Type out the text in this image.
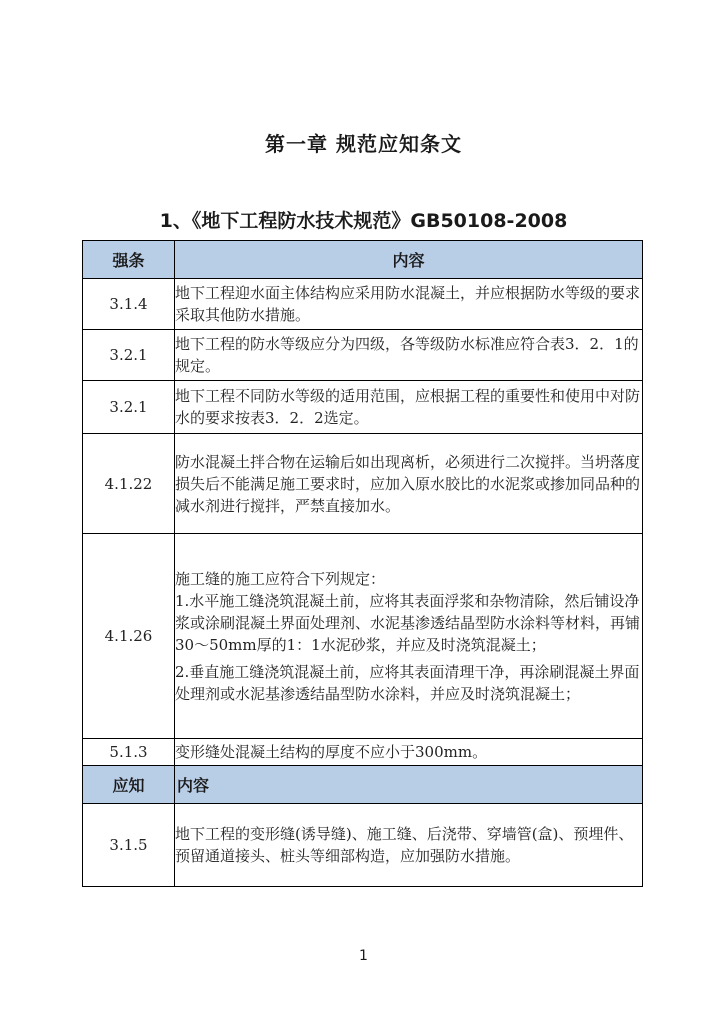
第一章 规范应知条文
1、《地下工程防水技术规范》GB50108-2008
强条	内容
3.1.4	地下工程迎水面主体结构应采用防水混凝土，并应根据防水等级的要求采取其他防水措施。

3.2.1	地下工程的防水等级应分为四级，各等级防水标准应符合表3．2．1的规定。

3.2.1	地下工程不同防水等级的适用范围，应根据工程的重要性和使用中对防水的要求按表3．2．2选定。

4.1.22	防水混凝土拌合物在运输后如出现离析，必须进行二次搅拌。当坍落度损失后不能满足施工要求时，应加入原水胶比的水泥浆或掺加同品种的减水剂进行搅拌，严禁直接加水。

4.1.26	施工缝的施工应符合下列规定：

1.水平施工缝浇筑混凝土前，应将其表面浮浆和杂物清除，然后铺设净浆或涂刷混凝土界面处理剂、水泥基渗透结晶型防水涂料等材料，再铺30～50mm厚的1：1水泥砂浆，并应及时浇筑混凝土；

2.垂直施工缝浇筑混凝土前，应将其表面清理干净，再涂刷混凝土界面处理剂或水泥基渗透结晶型防水涂料，并应及时浇筑混凝土；

5.1.3	变形缝处混凝土结构的厚度不应小于300mm。

应知	内容
3.1.5	地下工程的变形缝(诱导缝)、施工缝、后浇带、穿墙管(盒)、预埋件、预留通道接头、桩头等细部构造，应加强防水措施。

1
